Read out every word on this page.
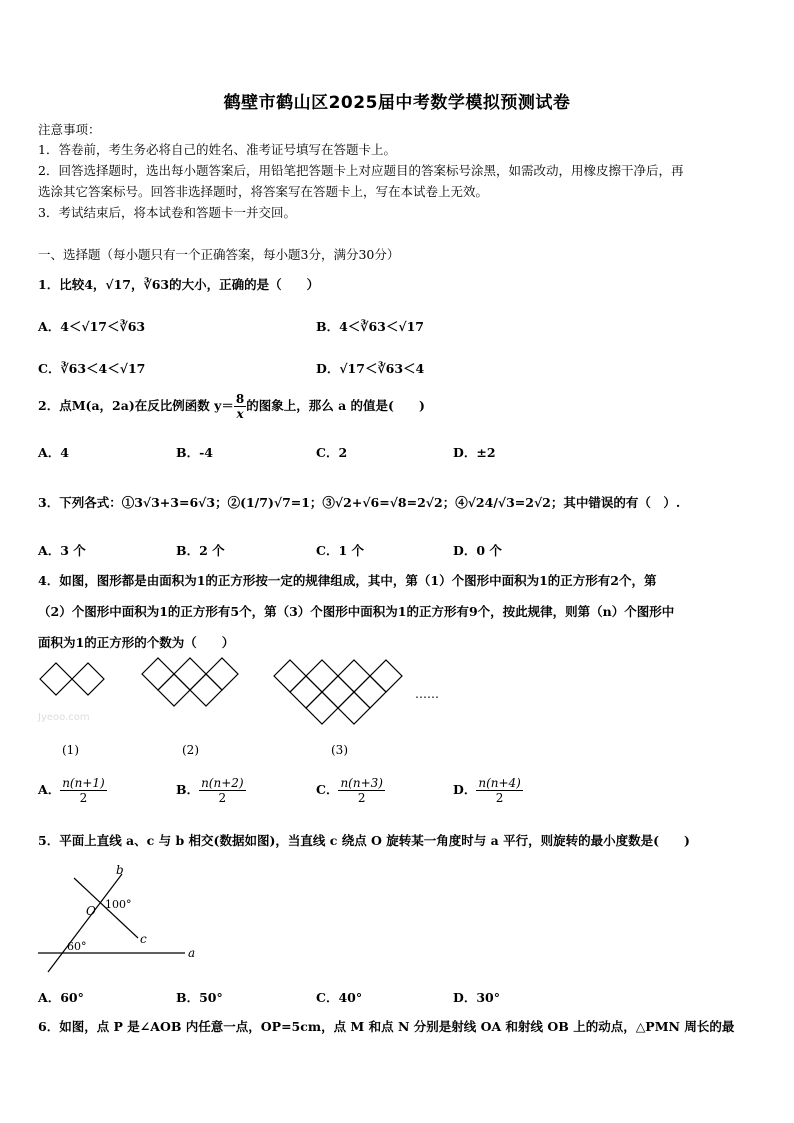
鹤壁市鹤山区2025届中考数学模拟预测试卷
注意事项：
1．答卷前，考生务必将自己的姓名、准考证号填写在答题卡上。
2．回答选择题时，选出每小题答案后，用铅笔把答题卡上对应题目的答案标号涂黑，如需改动，用橡皮擦干净后，再
选涂其它答案标号。回答非选择题时，将答案写在答题卡上，写在本试卷上无效。
3．考试结束后，将本试卷和答题卡一并交回。
一、选择题（每小题只有一个正确答案，每小题3分，满分30分）
1．比较4，√17，∛63的大小，正确的是（　　）
A．4＜√17＜∛63	B．4＜∛63＜√17
C．∛63＜4＜√17	D．√17＜∛63＜4
2．点M(a，2a)在反比例函数 $y= \frac{8}{x}$ 的图象上，那么 a 的值是(　　)
A．4	B．-4	C．2	D．±2
3．下列各式：①3√3+3=6√3；②(1/7)√7=1；③√2+√6=√8=2√2；④√24/√3=2√2；其中错误的有（　）.
A．3 个	B．2 个	C．1 个	D．0 个
4．如图，图形都是由面积为1的正方形按一定的规律组成，其中，第（1）个图形中面积为1的正方形有2个，第
（2）个图形中面积为1的正方形有5个，第（3）个图形中面积为1的正方形有9个，按此规律，则第（n）个图形中
面积为1的正方形的个数为（　　）
……
Jyeoo.com
(1)	(2)	(3)
A． $\frac{n(n+1)}{2}$	B． $\frac{n(n+2)}{2}$	C． $\frac{n(n+3)}{2}$	D． $\frac{n(n+4)}{2}$
5．平面上直线 a、c 与 b 相交(数据如图)，当直线 c 绕点 O 旋转某一角度时与 a 平行，则旋转的最小度数是(　　)
b
O
c
a
100°
60°
A．60°	B．50°	C．40°	D．30°
6．如图，点 P 是∠AOB 内任意一点，OP=5cm，点 M 和点 N 分别是射线 OA 和射线 OB 上的动点，△PMN 周长的最
